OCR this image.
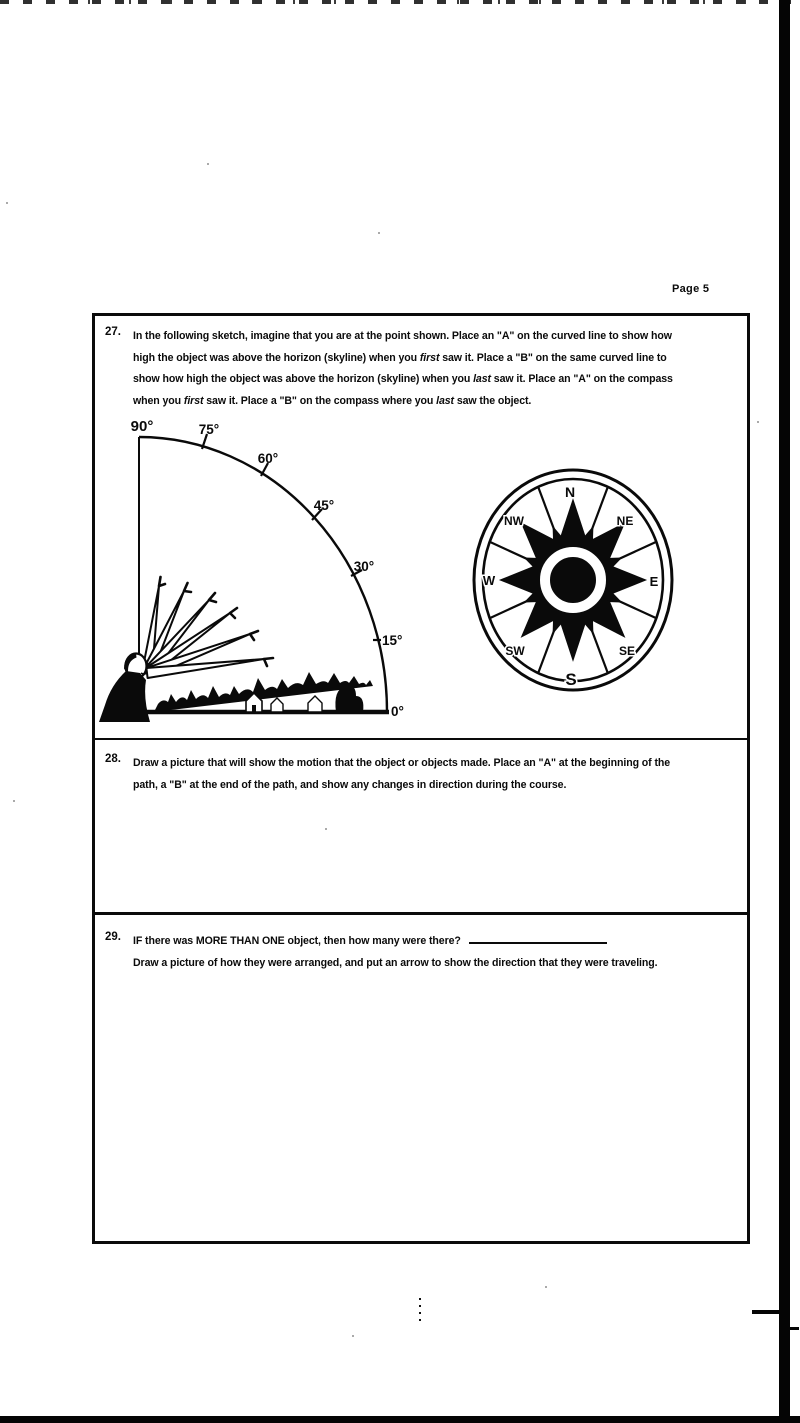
Page 5
27. In the following sketch, imagine that you are at the point shown. Place an "A" on the curved line to show how
high the object was above the horizon (skyline) when you first saw it. Place a "B" on the same curved line to
show how high the object was above the horizon (skyline) when you last saw it. Place an "A" on the compass
when you first saw it. Place a "B" on the compass where you last saw the object.
90°	75°
60°
45°
30°
15°
0°
N
NE
E
SE
S
SW
W
NW
28. Draw a picture that will show the motion that the object or objects made. Place an "A" at the beginning of the
path, a "B" at the end of the path, and show any changes in direction during the course.
29. IF there was MORE THAN ONE object, then how many were there?
Draw a picture of how they were arranged, and put an arrow to show the direction that they were traveling.
